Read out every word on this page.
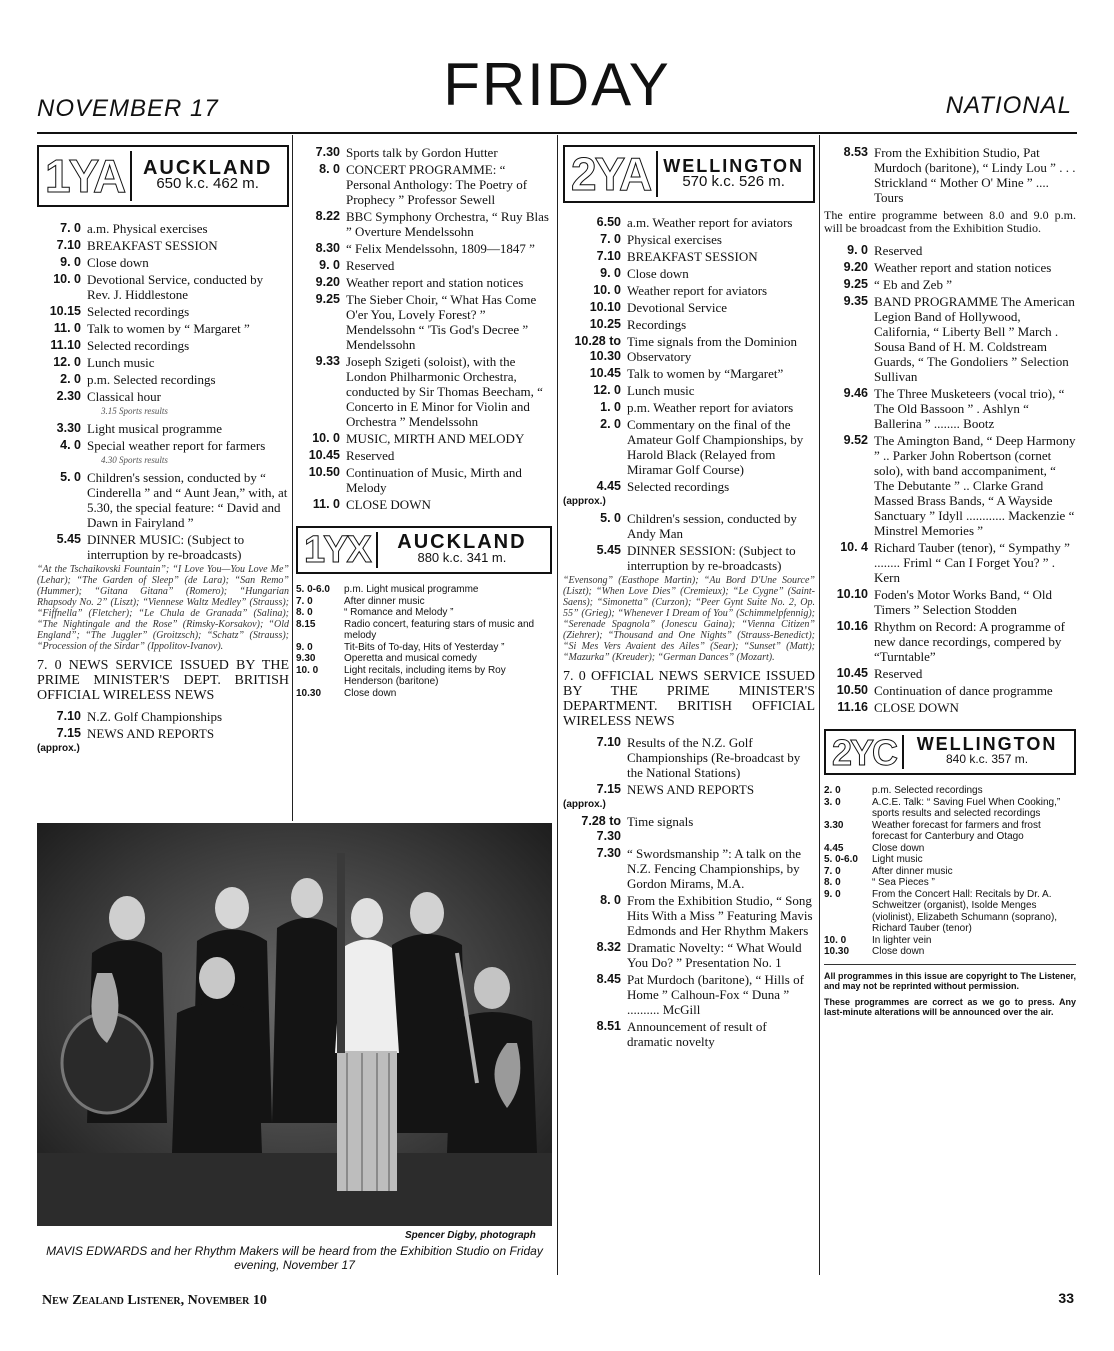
NOVEMBER 17	FRIDAY	NATIONAL
1YA AUCKLAND
650 k.c. 462 m.
7. 0 a.m. Physical exercises
7.10 BREAKFAST SESSION
9. 0 Close down
10. 0 Devotional Service, conducted by Rev. J. Hiddlestone
10.15 Selected recordings
11. 0 Talk to women by “ Margaret ”
11.10 Selected recordings
12. 0 Lunch music
2. 0 p.m. Selected recordings
2.30 Classical hour
3.15 Sports results
3.30 Light musical programme
4. 0 Special weather report for farmers
4.30 Sports results
5. 0 Children's session, conducted by “ Cinderella ” and “ Aunt Jean,” with, at 5.30, the special feature: “ David and Dawn in Fairyland ”
5.45 DINNER MUSIC: (Subject to interruption by re-broadcasts)
“At the Tschaikovski Fountain”; “I Love You—You Love Me” (Lehar); “The Garden of Sleep” (de Lara); “San Remo” (Hummer); “Gitana Gitana” (Romero); “Hungarian Rhapsody No. 2” (Liszt); “Viennese Waltz Medley” (Strauss); “Fiffnella” (Fletcher); “Le Chula de Granada” (Salina); “The Nightingale and the Rose” (Rimsky-Korsakov); “Old England”; “The Juggler” (Groitzsch); “Schatz” (Strauss); “Procession of the Sirdar” (Ippolitov-Ivanov).
7. 0 NEWS SERVICE ISSUED BY THE PRIME MINISTER'S DEPT. BRITISH OFFICIAL WIRELESS NEWS
7.10 N.Z. Golf Championships
7.15 NEWS AND REPORTS
(approx.)
7.30 Sports talk by Gordon Hutter
8. 0 CONCERT PROGRAMME: “ Personal Anthology: The Poetry of Prophecy ” Professor Sewell
8.22 BBC Symphony Orchestra, “ Ruy Blas ” Overture Mendelssohn
8.30 “ Felix Mendelssohn, 1809—1847 ”
9. 0 Reserved
9.20 Weather report and station notices
9.25 The Sieber Choir, “ What Has Come O'er You, Lovely Forest? ” Mendelssohn “ 'Tis God's Decree ” Mendelssohn
9.33 Joseph Szigeti (soloist), with the London Philharmonic Orchestra, conducted by Sir Thomas Beecham, “ Concerto in E Minor for Violin and Orchestra ” Mendelssohn
10. 0 MUSIC, MIRTH AND MELODY
10.45 Reserved
10.50 Continuation of Music, Mirth and Melody
11. 0 CLOSE DOWN
1YX	AUCKLAND
880 k.c. 341 m.
5. 0-6.0	p.m. Light musical programme
7. 0	After dinner music
8. 0	“ Romance and Melody ”
8.15	Radio concert, featuring stars of music and melody
9. 0	Tit-Bits of To-day, Hits of Yesterday ”
9.30	Operetta and musical comedy
10. 0	Light recitals, including items by Roy Henderson (baritone)
10.30	Close down
Spencer Digby, photograph
MAVIS EDWARDS and her Rhythm Makers will be heard from the Exhibition Studio on Friday evening, November 17
2YA WELLINGTON
570 k.c. 526 m.
6.50 a.m. Weather report for aviators
7. 0 Physical exercises
7.10 BREAKFAST SESSION
9. 0 Close down
10. 0 Weather report for aviators
10.10 Devotional Service
10.25 Recordings
10.28 to 10.30
Time signals from the Dominion Observatory
10.45 Talk to women by “Margaret”
12. 0 Lunch music
1. 0 p.m. Weather report for aviators
2. 0 Commentary on the final of the Amateur Golf Championships, by Harold Black (Relayed from Miramar Golf Course)
4.45 Selected recordings
(approx.)
5. 0 Children's session, conducted by Andy Man
5.45 DINNER SESSION: (Subject to interruption by re-broadcasts)
“Evensong” (Easthope Martin); “Au Bord D'Une Source” (Liszt); “When Love Dies” (Cremieux); “Le Cygne” (Saint-Saens); “Simonetta” (Curzon); “Peer Gynt Suite No. 2, Op. 55” (Grieg); “Whenever I Dream of You” (Schimmelpfennig); “Serenade Spagnola” (Jonescu Gaina); “Vienna Citizen” (Ziehrer); “Thousand and One Nights” (Strauss-Benedict); “Si Mes Vers Avaient des Ailes” (Sear); “Sunset” (Matt); “Mazurka” (Kreuder); “German Dances” (Mozart).
7. 0 OFFICIAL NEWS SERVICE ISSUED BY THE PRIME MINISTER'S DEPARTMENT. BRITISH OFFICIAL WIRELESS NEWS
7.10 Results of the N.Z. Golf Championships (Re-broadcast by the National Stations)
7.15 NEWS AND REPORTS
(approx.)
7.28 to 7.30
Time signals
7.30 “ Swordsmanship ”: A talk on the N.Z. Fencing Championships, by Gordon Mirams, M.A.
8. 0 From the Exhibition Studio, “ Song Hits With a Miss ” Featuring Mavis Edmonds and Her Rhythm Makers
8.32 Dramatic Novelty: “ What Would You Do? ” Presentation No. 1
8.45 Pat Murdoch (baritone), “ Hills of Home ” Calhoun-Fox “ Duna ” .......... McGill
8.51 Announcement of result of dramatic novelty
8.53 From the Exhibition Studio, Pat Murdoch (baritone), “ Lindy Lou ” . . . Strickland “ Mother O' Mine ” .... Tours
The entire programme between 8.0 and 9.0 p.m. will be broadcast from the Exhibition Studio.
9. 0 Reserved
9.20 Weather report and station notices
9.25 “ Eb and Zeb ”
9.35 BAND PROGRAMME The American Legion Band of Hollywood, California, “ Liberty Bell ” March . Sousa Band of H. M. Coldstream Guards, “ The Gondoliers ” Selection Sullivan
9.46 The Three Musketeers (vocal trio), “ The Old Bassoon ” . Ashlyn “ Ballerina ” ........ Bootz
9.52 The Amington Band, “ Deep Harmony ” .. Parker John Robertson (cornet solo), with band accompaniment, “ The Debutante ” .. Clarke Grand Massed Brass Bands, “ A Wayside Sanctuary ” Idyll ............ Mackenzie “ Minstrel Memories ”
10. 4 Richard Tauber (tenor), “ Sympathy ” ........ Friml “ Can I Forget You? ” . Kern
10.10 Foden's Motor Works Band, “ Old Timers ” Selection Stodden
10.16 Rhythm on Record: A programme of new dance recordings, compered by “Turntable”
10.45 Reserved
10.50 Continuation of dance programme
11.16 CLOSE DOWN
2YC	WELLINGTON
840 k.c. 357 m.
2. 0	p.m. Selected recordings
3. 0	A.C.E. Talk: “ Saving Fuel When Cooking,” sports results and selected recordings
3.30	Weather forecast for farmers and frost forecast for Canterbury and Otago
4.45	Close down
5. 0-6.0	Light music
7. 0	After dinner music
8. 0	“ Sea Pieces ”
9. 0	From the Concert Hall: Recitals by Dr. A. Schweitzer (organist), Isolde Menges (violinist), Elizabeth Schumann (soprano), Richard Tauber (tenor)
10. 0	In lighter vein
10.30	Close down
All programmes in this issue are copyright to The Listener, and may not be reprinted without permission.
These programmes are correct as we go to press. Any last-minute alterations will be announced over the air.
New Zealand Listener, November 10	33
